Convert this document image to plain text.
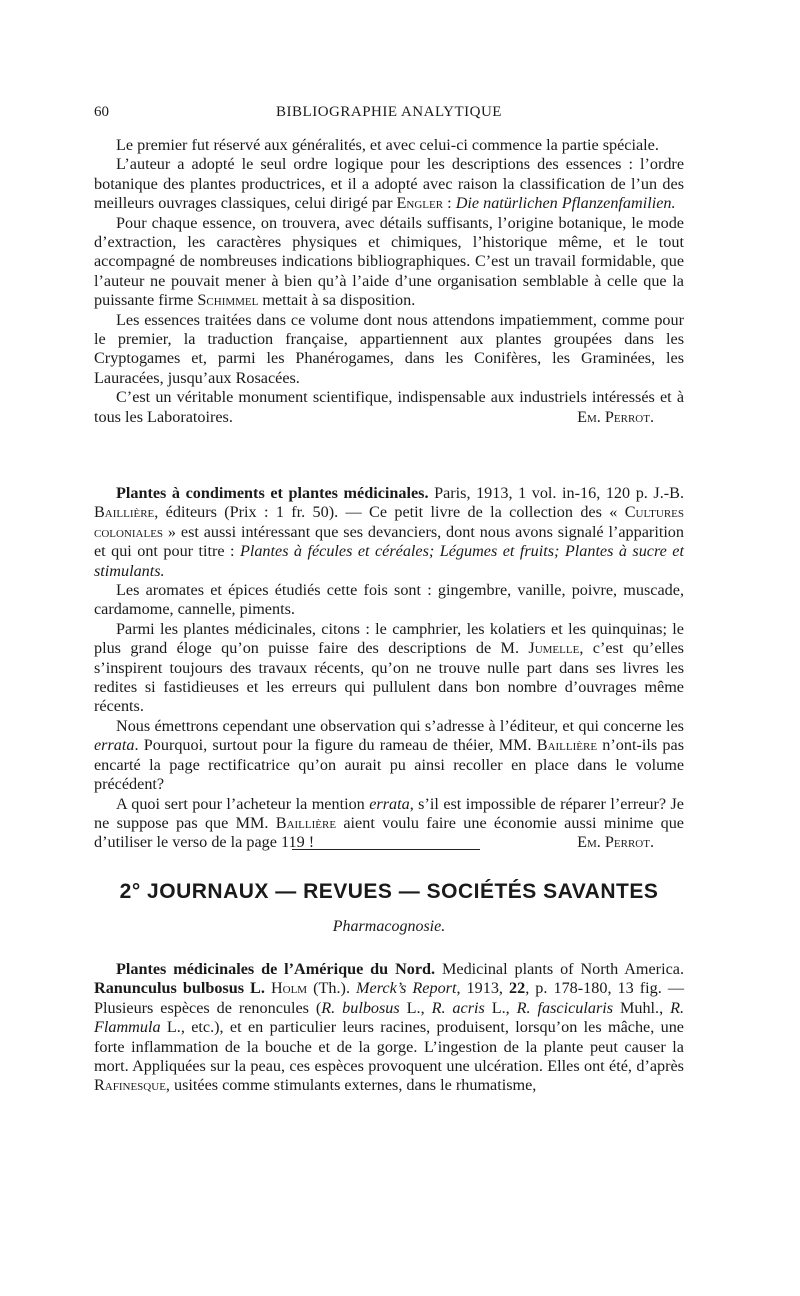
60	BIBLIOGRAPHIE ANALYTIQUE

Le premier fut réservé aux généralités, et avec celui-ci commence la partie spéciale.

L’auteur a adopté le seul ordre logique pour les descriptions des essences : l’ordre botanique des plantes productrices, et il a adopté avec raison la classification de l’un des meilleurs ouvrages classiques, celui dirigé par Engler : Die natürlichen Pflanzenfamilien.

Pour chaque essence, on trouvera, avec détails suffisants, l’origine botanique, le mode d’extraction, les caractères physiques et chimiques, l’historique même, et le tout accompagné de nombreuses indications bibliographiques. C’est un travail formidable, que l’auteur ne pouvait mener à bien qu’à l’aide d’une organisation semblable à celle que la puissante firme Schimmel mettait à sa disposition.

Les essences traitées dans ce volume dont nous attendons impatiemment, comme pour le premier, la traduction française, appartiennent aux plantes groupées dans les Cryptogames et, parmi les Phanérogames, dans les Conifères, les Graminées, les Lauracées, jusqu’aux Rosacées.

C’est un véritable monument scientifique, indispensable aux industriels intéressés et à tous les Laboratoires.	Em. Perrot.

Plantes à condiments et plantes médicinales. Paris, 1913, 1 vol. in-16, 120 p. J.-B. Baillière, éditeurs (Prix : 1 fr. 50). — Ce petit livre de la collection des « Cultures coloniales » est aussi intéressant que ses devanciers, dont nous avons signalé l’apparition et qui ont pour titre : Plantes à fécules et céréales; Légumes et fruits; Plantes à sucre et stimulants.

Les aromates et épices étudiés cette fois sont : gingembre, vanille, poivre, muscade, cardamome, cannelle, piments.

Parmi les plantes médicinales, citons : le camphrier, les kolatiers et les quinquinas; le plus grand éloge qu’on puisse faire des descriptions de M. Jumelle, c’est qu’elles s’inspirent toujours des travaux récents, qu’on ne trouve nulle part dans ses livres les redites si fastidieuses et les erreurs qui pullulent dans bon nombre d’ouvrages même récents.

Nous émettrons cependant une observation qui s’adresse à l’éditeur, et qui concerne les errata. Pourquoi, surtout pour la figure du rameau de théier, MM. Baillière n’ont-ils pas encarté la page rectificatrice qu’on aurait pu ainsi recoller en place dans le volume précédent?

A quoi sert pour l’acheteur la mention errata, s’il est impossible de réparer l’erreur? Je ne suppose pas que MM. Baillière aient voulu faire une économie aussi minime que d’utiliser le verso de la page 119 !	Em. Perrot.

2° JOURNAUX — REVUES — SOCIÉTÉS SAVANTES
Pharmacognosie.

Plantes médicinales de l’Amérique du Nord. Medicinal plants of North America. Ranunculus bulbosus L. Holm (Th.). Merck’s Report, 1913, 22, p. 178-180, 13 fig. — Plusieurs espèces de renoncules (R. bulbosus L., R. acris L., R. fascicularis Muhl., R. Flammula L., etc.), et en particulier leurs racines, produisent, lorsqu’on les mâche, une forte inflammation de la bouche et de la gorge. L’ingestion de la plante peut causer la mort. Appliquées sur la peau, ces espèces provoquent une ulcération. Elles ont été, d’après Rafinesque, usitées comme stimulants externes, dans le rhumatisme,
